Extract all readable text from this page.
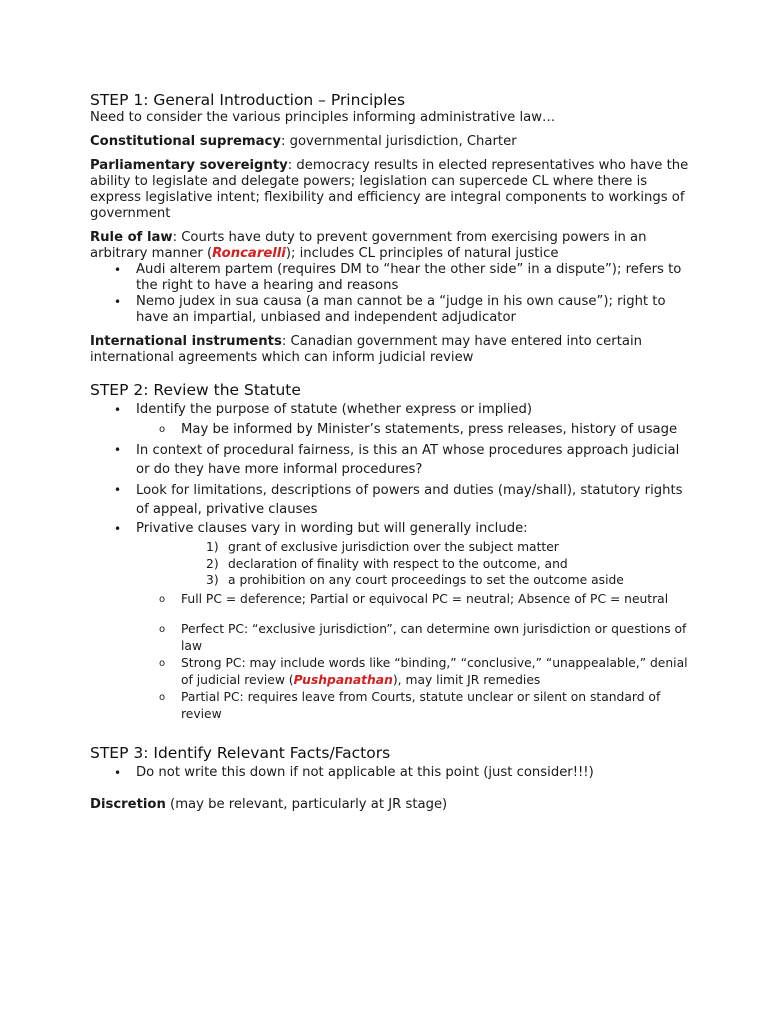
STEP 1: General Introduction – Principles

Need to consider the various principles informing administrative law…

Constitutional supremacy: governmental jurisdiction, Charter

Parliamentary sovereignty: democracy results in elected representatives who have the ability to legislate and delegate powers; legislation can supercede CL where there is express legislative intent; flexibility and efficiency are integral components to workings of government

Rule of law: Courts have duty to prevent government from exercising powers in an arbitrary manner (Roncarelli); includes CL principles of natural justice

• Audi alterem partem (requires DM to “hear the other side” in a dispute”); refers to the right to have a hearing and reasons
• Nemo judex in sua causa (a man cannot be a “judge in his own cause”); right to have an impartial, unbiased and independent adjudicator

International instruments: Canadian government may have entered into certain international agreements which can inform judicial review

STEP 2: Review the Statute
• Identify the purpose of statute (whether express or implied)
o May be informed by Minister’s statements, press releases, history of usage
• In context of procedural fairness, is this an AT whose procedures approach judicial or do they have more informal procedures?
• Look for limitations, descriptions of powers and duties (may/shall), statutory rights of appeal, privative clauses
• Privative clauses vary in wording but will generally include:
1) grant of exclusive jurisdiction over the subject matter
2) declaration of finality with respect to the outcome, and
3) a prohibition on any court proceedings to set the outcome aside
o Full PC = deference; Partial or equivocal PC = neutral; Absence of PC = neutral
o Perfect PC: “exclusive jurisdiction”, can determine own jurisdiction or questions of law
o Strong PC: may include words like “binding,” “conclusive,” “unappealable,” denial of judicial review (Pushpanathan), may limit JR remedies
o Partial PC: requires leave from Courts, statute unclear or silent on standard of review
STEP 3: Identify Relevant Facts/Factors
• Do not write this down if not applicable at this point (just consider!!!)

Discretion (may be relevant, particularly at JR stage)
